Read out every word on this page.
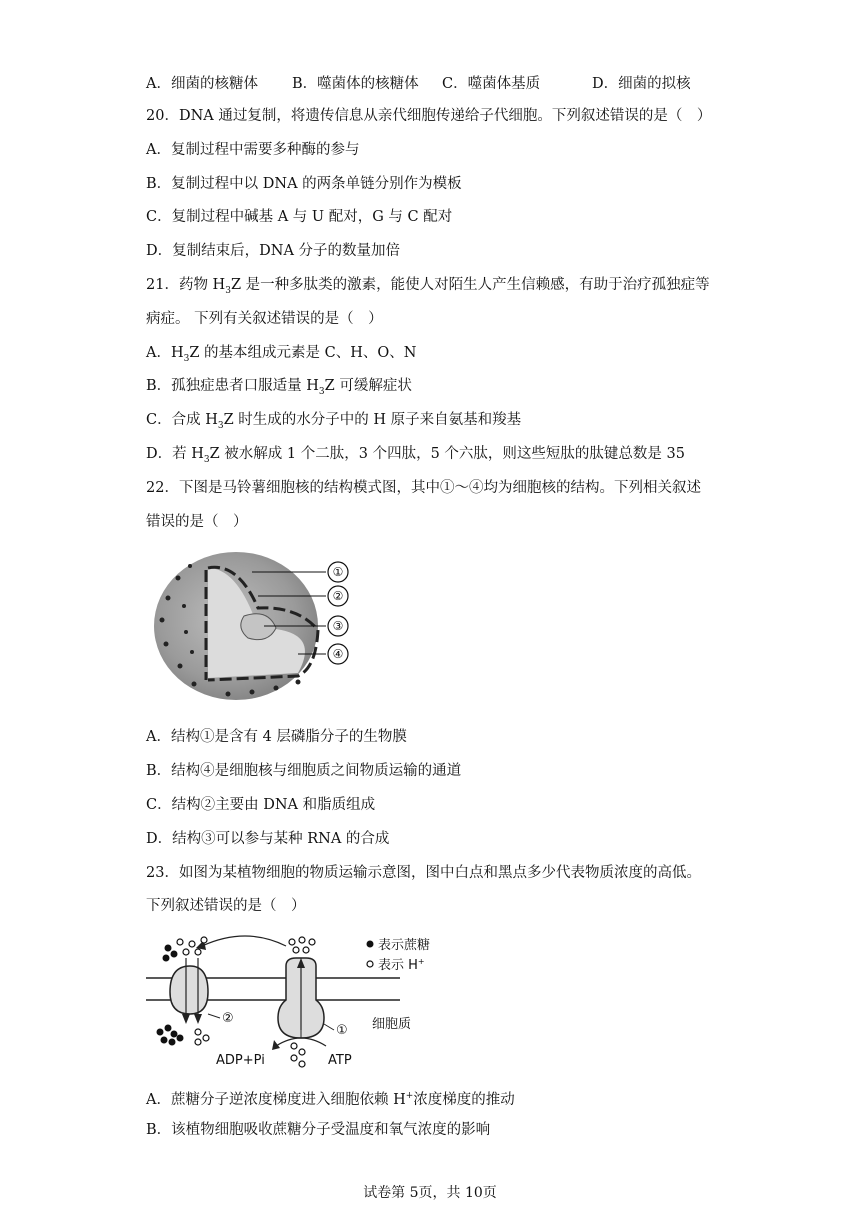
A．细菌的核糖体 B．噬菌体的核糖体 C．噬菌体基质	D．细菌的拟核
20．DNA 通过复制，将遗传信息从亲代细胞传递给子代细胞。下列叙述错误的是（　）
A．复制过程中需要多种酶的参与
B．复制过程中以 DNA 的两条单链分别作为模板
C．复制过程中碱基 A 与 U 配对，G 与 C 配对
D．复制结束后，DNA 分子的数量加倍
21．药物 $H_3Z$ 是一种多肽类的激素，能使人对陌生人产生信赖感，有助于治疗孤独症等
病症。 下列有关叙述错误的是（　）
A．$H_3Z$ 的基本组成元素是 C、H、O、N
B．孤独症患者口服适量 $H_3Z$ 可缓解症状
C．合成 $H_3Z$ 时生成的水分子中的 H 原子来自氨基和羧基
D．若 $H_3Z$ 被水解成 1 个二肽，3 个四肽，5 个六肽，则这些短肽的肽键总数是 35
22．下图是马铃薯细胞核的结构模式图，其中①～④均为细胞核的结构。下列相关叙述
错误的是（　）
①
②
③
④
A．结构①是含有 4 层磷脂分子的生物膜
B．结构④是细胞核与细胞质之间物质运输的通道
C．结构②主要由 DNA 和脂质组成
D．结构③可以参与某种 RNA 的合成
23．如图为某植物细胞的物质运输示意图，图中白点和黑点多少代表物质浓度的高低。
下列叙述错误的是（　）
表示蔗糖
表示 H+
细胞质
ADP+Pi	ATP
①
②
A．蔗糖分子逆浓度梯度进入细胞依赖 H+浓度梯度的推动
B．该植物细胞吸收蔗糖分子受温度和氧气浓度的影响
试卷第 5页，共 10页
